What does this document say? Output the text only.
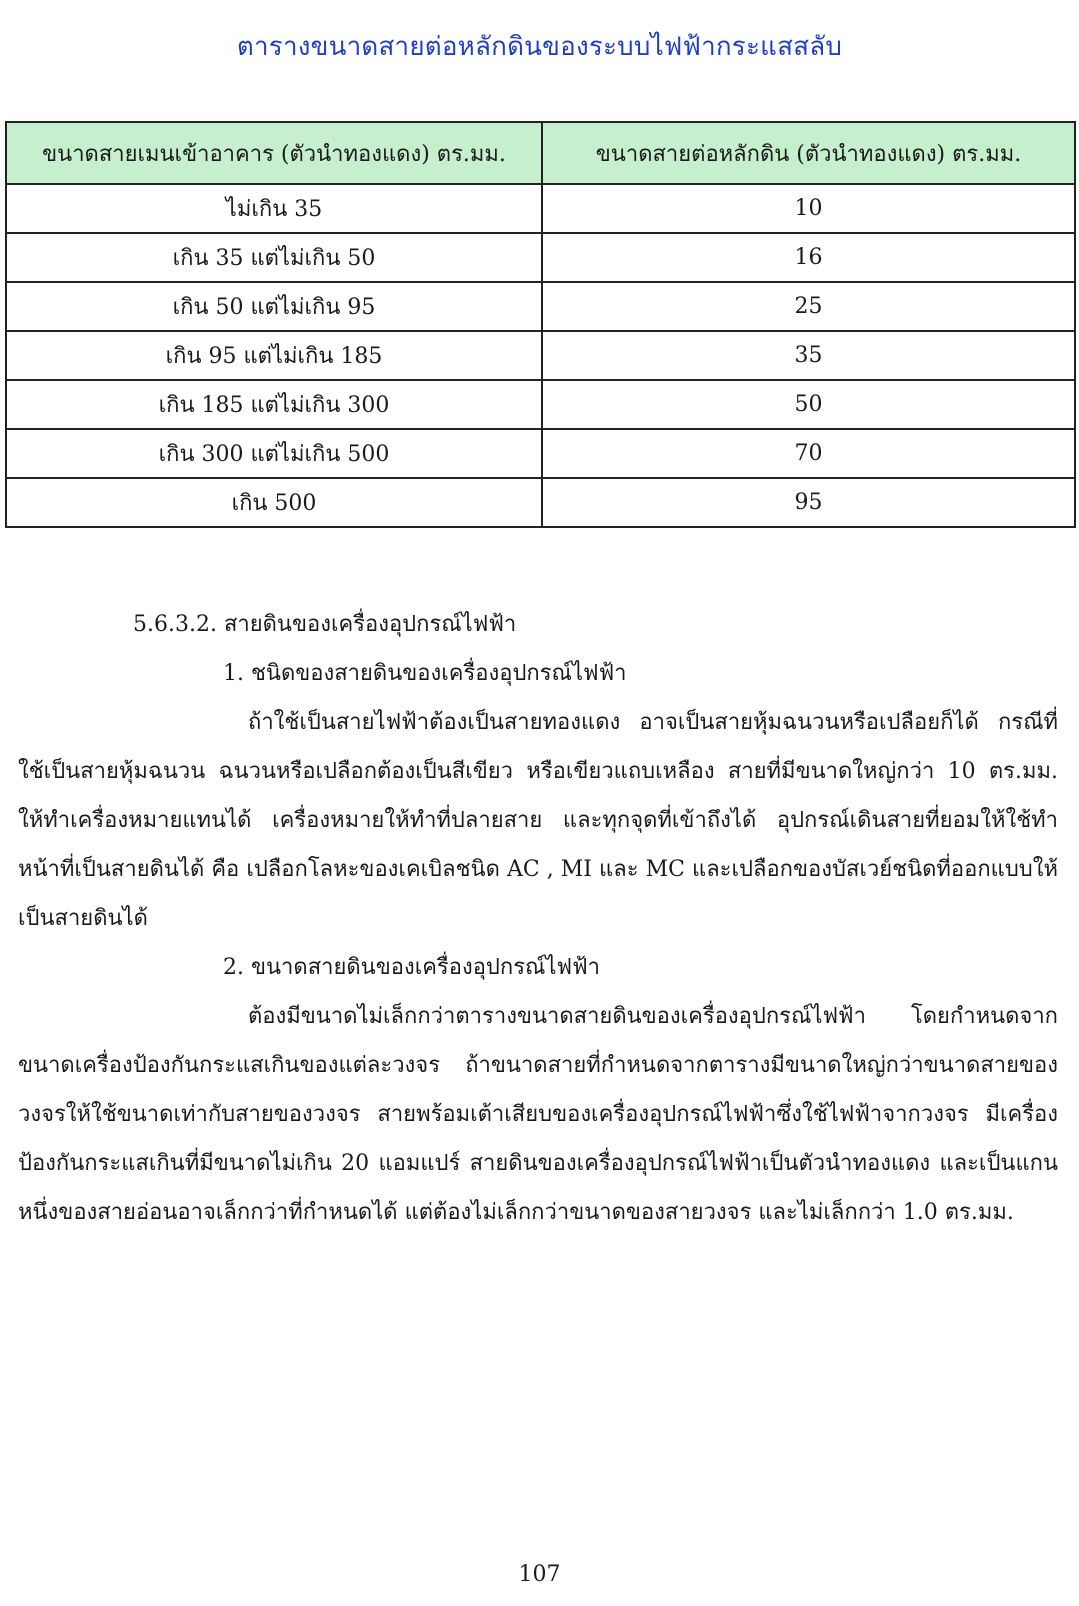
ตารางขนาดสายต่อหลักดินของระบบไฟฟ้ากระแสสลับ
ขนาดสายเมนเข้าอาคาร (ตัวนำทองแดง) ตร.มม.	ขนาดสายต่อหลักดิน (ตัวนำทองแดง) ตร.มม.
ไม่เกิน 35	10
เกิน 35 แต่ไม่เกิน 50	16
เกิน 50 แต่ไม่เกิน 95	25
เกิน 95 แต่ไม่เกิน 185	35
เกิน 185 แต่ไม่เกิน 300	50
เกิน 300 แต่ไม่เกิน 500	70
เกิน 500	95

5.6.3.2. สายดินของเครื่องอุปกรณ์ไฟฟ้า

1. ชนิดของสายดินของเครื่องอุปกรณ์ไฟฟ้า

ถ้าใช้เป็นสายไฟฟ้าต้องเป็นสายทองแดง อาจเป็นสายหุ้มฉนวนหรือเปลือยก็ได้ กรณีที่ใช้เป็นสายหุ้มฉนวน ฉนวนหรือเปลือกต้องเป็นสีเขียว หรือเขียวแถบเหลือง สายที่มีขนาดใหญ่กว่า 10 ตร.มม. ให้ทำเครื่องหมายแทนได้ เครื่องหมายให้ทำที่ปลายสาย และทุกจุดที่เข้าถึงได้ อุปกรณ์เดินสายที่ยอมให้ใช้ทำหน้าที่เป็นสายดินได้ คือ เปลือกโลหะของเคเบิลชนิด AC , MI และ MC และเปลือกของบัสเวย์ชนิดที่ออกแบบให้เป็นสายดินได้

2. ขนาดสายดินของเครื่องอุปกรณ์ไฟฟ้า

ต้องมีขนาดไม่เล็กกว่าตารางขนาดสายดินของเครื่องอุปกรณ์ไฟฟ้า โดยกำหนดจากขนาดเครื่องป้องกันกระแสเกินของแต่ละวงจร ถ้าขนาดสายที่กำหนดจากตารางมีขนาดใหญ่กว่าขนาดสายของวงจรให้ใช้ขนาดเท่ากับสายของวงจร สายพร้อมเต้าเสียบของเครื่องอุปกรณ์ไฟฟ้าซึ่งใช้ไฟฟ้าจากวงจร มีเครื่องป้องกันกระแสเกินที่มีขนาดไม่เกิน 20 แอมแปร์ สายดินของเครื่องอุปกรณ์ไฟฟ้าเป็นตัวนำทองแดง และเป็นแกนหนึ่งของสายอ่อนอาจเล็กกว่าที่กำหนดได้ แต่ต้องไม่เล็กกว่าขนาดของสายวงจร และไม่เล็กกว่า 1.0 ตร.มม.

107
